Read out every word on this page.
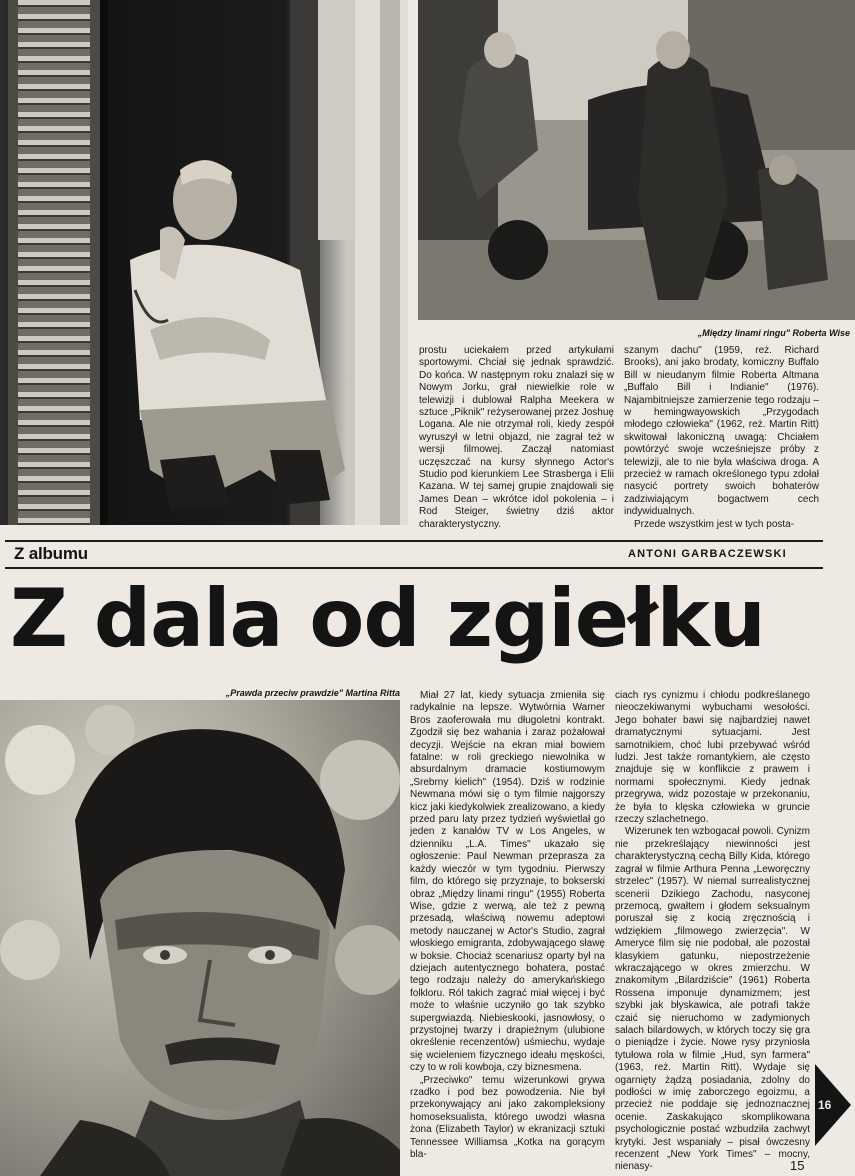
„Między linami ringu" Roberta Wise

prostu uciekałem przed artykułami sportowymi. Chciał się jednak sprawdzić. Do końca. W następnym roku znalazł się w Nowym Jorku, grał niewielkie role w telewizji i dublował Ralpha Meekera w sztuce „Piknik" reżyserowanej przez Joshuę Logana. Ale nie otrzymał roli, kiedy zespół wyruszył w letni objazd, nie zagrał też w wersji filmowej. Zaczął natomiast uczęszczać na kursy słynnego Actor's Studio pod kierunkiem Lee Strasberga i Elii Kazana. W tej samej grupie znajdowali się James Dean – wkrótce idol pokolenia – i Rod Steiger, świetny dziś aktor charakterystyczny.

szanym dachu" (1959, reż. Richard Brooks), ani jako brodaty, komiczny Buffalo Bill w nieudanym filmie Roberta Altmana „Buffalo Bill i Indianie" (1976). Najambitniejsze zamierzenie tego rodzaju – w hemingwayowskich „Przygodach młodego człowieka" (1962, reż. Martin Ritt) skwitował lakoniczną uwagą: Chciałem powtórzyć swoje wcześniejsze próby z telewizji, ale to nie była właściwa droga. A przecież w ramach określonego typu zdołał nasycić portrety swoich bohaterów zadziwiającym bogactwem cech indywidualnych.

Przede wszystkim jest w tych posta-

Z albumu	ANTONI GARBACZEWSKI
Z dala od zgiełku
„Prawda przeciw prawdzie" Martina Ritta	Miał 27 lat, kiedy sytuacja zmieniła się radykalnie na lepsze. Wytwórnia Warner Bros zaoferowała mu długoletni kontrakt. Zgodził się bez wahania i zaraz pożałował decyzji. Wejście na ekran miał bowiem fatalne: w roli greckiego niewolnika w absurdalnym dramacie kostiumowym „Srebrny kielich" (1954). Dziś w rodzinie Newmana mówi się o tym filmie najgorszy kicz jaki kiedykolwiek zrealizowano, a kiedy przed paru laty przez tydzień wyświetlał go jeden z kanałów TV w Los Angeles, w dzienniku „L.A. Times" ukazało się ogłoszenie: Paul Newman przeprasza za każdy wieczór w tym tygodniu. Pierwszy film, do którego się przyznaje, to bokserski obraz „Między linami ringu" (1955) Roberta Wise, gdzie z werwą, ale też z pewną przesadą, właściwą nowemu adeptowi metody nauczanej w Actor's Studio, zagrał włoskiego emigranta, zdobywającego sławę w boksie. Chociaż scenariusz oparty był na dziejach autentycznego bohatera, postać tego rodzaju należy do amerykańskiego folkloru. Ról takich zagrać miał więcej i być może to właśnie uczyniło go tak szybko supergwiazdą. Niebieskooki, jasnowłosy, o przystojnej twarzy i drapieżnym (ulubione określenie recenzentów) uśmiechu, wydaje się wcieleniem fizycznego ideału męskości, czy to w roli kowboja, czy biznesmena.

„Przeciwko" temu wizerunkowi grywa rzadko i pod bez powodzenia. Nie był przekonywający ani jako zakompleksiony homoseksualista, którego uwodzi własna żona (Elizabeth Taylor) w ekranizacji sztuki Tennessee Williamsa „Kotka na gorącym bla-

ciach rys cynizmu i chłodu podkreślanego nieoczekiwanymi wybuchami wesołości. Jego bohater bawi się najbardziej nawet dramatycznymi sytuacjami. Jest samotnikiem, choć lubi przebywać wśród ludzi. Jest także romantykiem, ale często znajduje się w konflikcie z prawem i normami społecznymi. Kiedy jednak przegrywa, widz pozostaje w przekonaniu, że była to klęska człowieka w gruncie rzeczy szlachetnego.

Wizerunek ten wzbogacał powoli. Cynizm nie przekreślający niewinności jest charakterystyczną cechą Billy Kida, którego zagrał w filmie Arthura Penna „Leworęczny strzelec" (1957). W niemal surrealistycznej scenerii Dzikiego Zachodu, nasyconej przemocą, gwałtem i głodem seksualnym poruszał się z kocią zręcznością i wdziękiem „filmowego zwierzęcia". W Ameryce film się nie podobał, ale pozostał klasykiem gatunku, niepostrzeżenie wkraczającego w okres zmierzchu. W znakomitym „Bilardziście" (1961) Roberta Rossena imponuje dynamizmem; jest szybki jak błyskawica, ale potrafi także czaić się nieruchomo w zadymionych salach bilardowych, w których toczy się gra o pieniądze i życie. Nowe rysy przyniosła tytułowa rola w filmie „Hud, syn farmera" (1963, reż. Martin Ritt). Wydaje się ogarnięty żądzą posiadania, zdolny do podłości w imię zaborczego egoizmu, a przecież nie poddaje się jednoznacznej ocenie. Zaskakująco skomplikowana psychologicznie postać wzbudziła zachwyt krytyki. Jest wspaniały – pisał ówczesny recenzent „New York Times" – mocny, nienasy-

16
15
